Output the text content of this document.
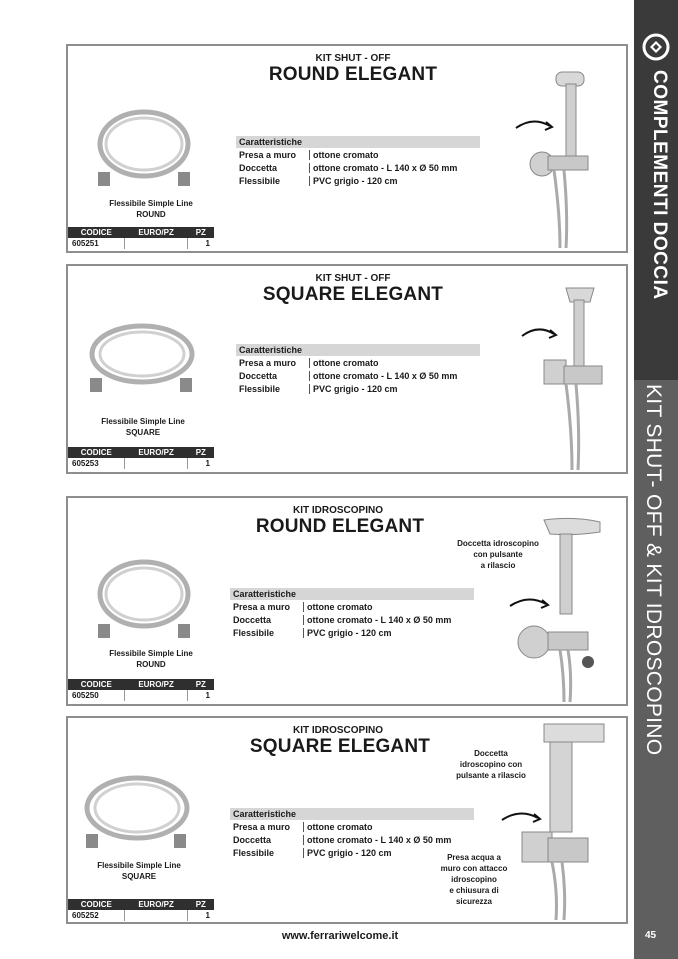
COMPLEMENTI DOCCIA
KIT SHUT- OFF & KIT IDROSCOPINO
KIT SHUT - OFF
ROUND ELEGANT
Flessibile Simple Line
ROUND
CODICE	EURO/PZ	PZ
605251		1
Caratteristiche
Presa a muro	ottone cromato
Doccetta	ottone cromato - L 140 x Ø 50 mm
Flessibile	PVC grigio - 120 cm
KIT SHUT - OFF
SQUARE ELEGANT
Flessibile Simple Line
SQUARE
CODICE	EURO/PZ	PZ
605253		1
Caratteristiche
Presa a muro	ottone cromato
Doccetta	ottone cromato - L 140 x Ø 50 mm
Flessibile	PVC grigio - 120 cm
KIT IDROSCOPINO
ROUND ELEGANT
Flessibile Simple Line
ROUND
CODICE	EURO/PZ	PZ
605250		1
Caratteristiche
Presa a muro	ottone cromato
Doccetta	ottone cromato - L 140 x Ø 50 mm
Flessibile	PVC grigio - 120 cm
Doccetta idroscopino
con pulsante
a rilascio
KIT IDROSCOPINO
SQUARE ELEGANT
Flessibile Simple Line
SQUARE
CODICE	EURO/PZ	PZ
605252		1
Caratteristiche
Presa a muro	ottone cromato
Doccetta	ottone cromato - L 140 x Ø 50 mm
Flessibile	PVC grigio - 120 cm
Doccetta
idroscopino con
pulsante a rilascio
Presa acqua a
muro con attacco
idroscopino
e chiusura di
sicurezza
www.ferrariwelcome.it	45
